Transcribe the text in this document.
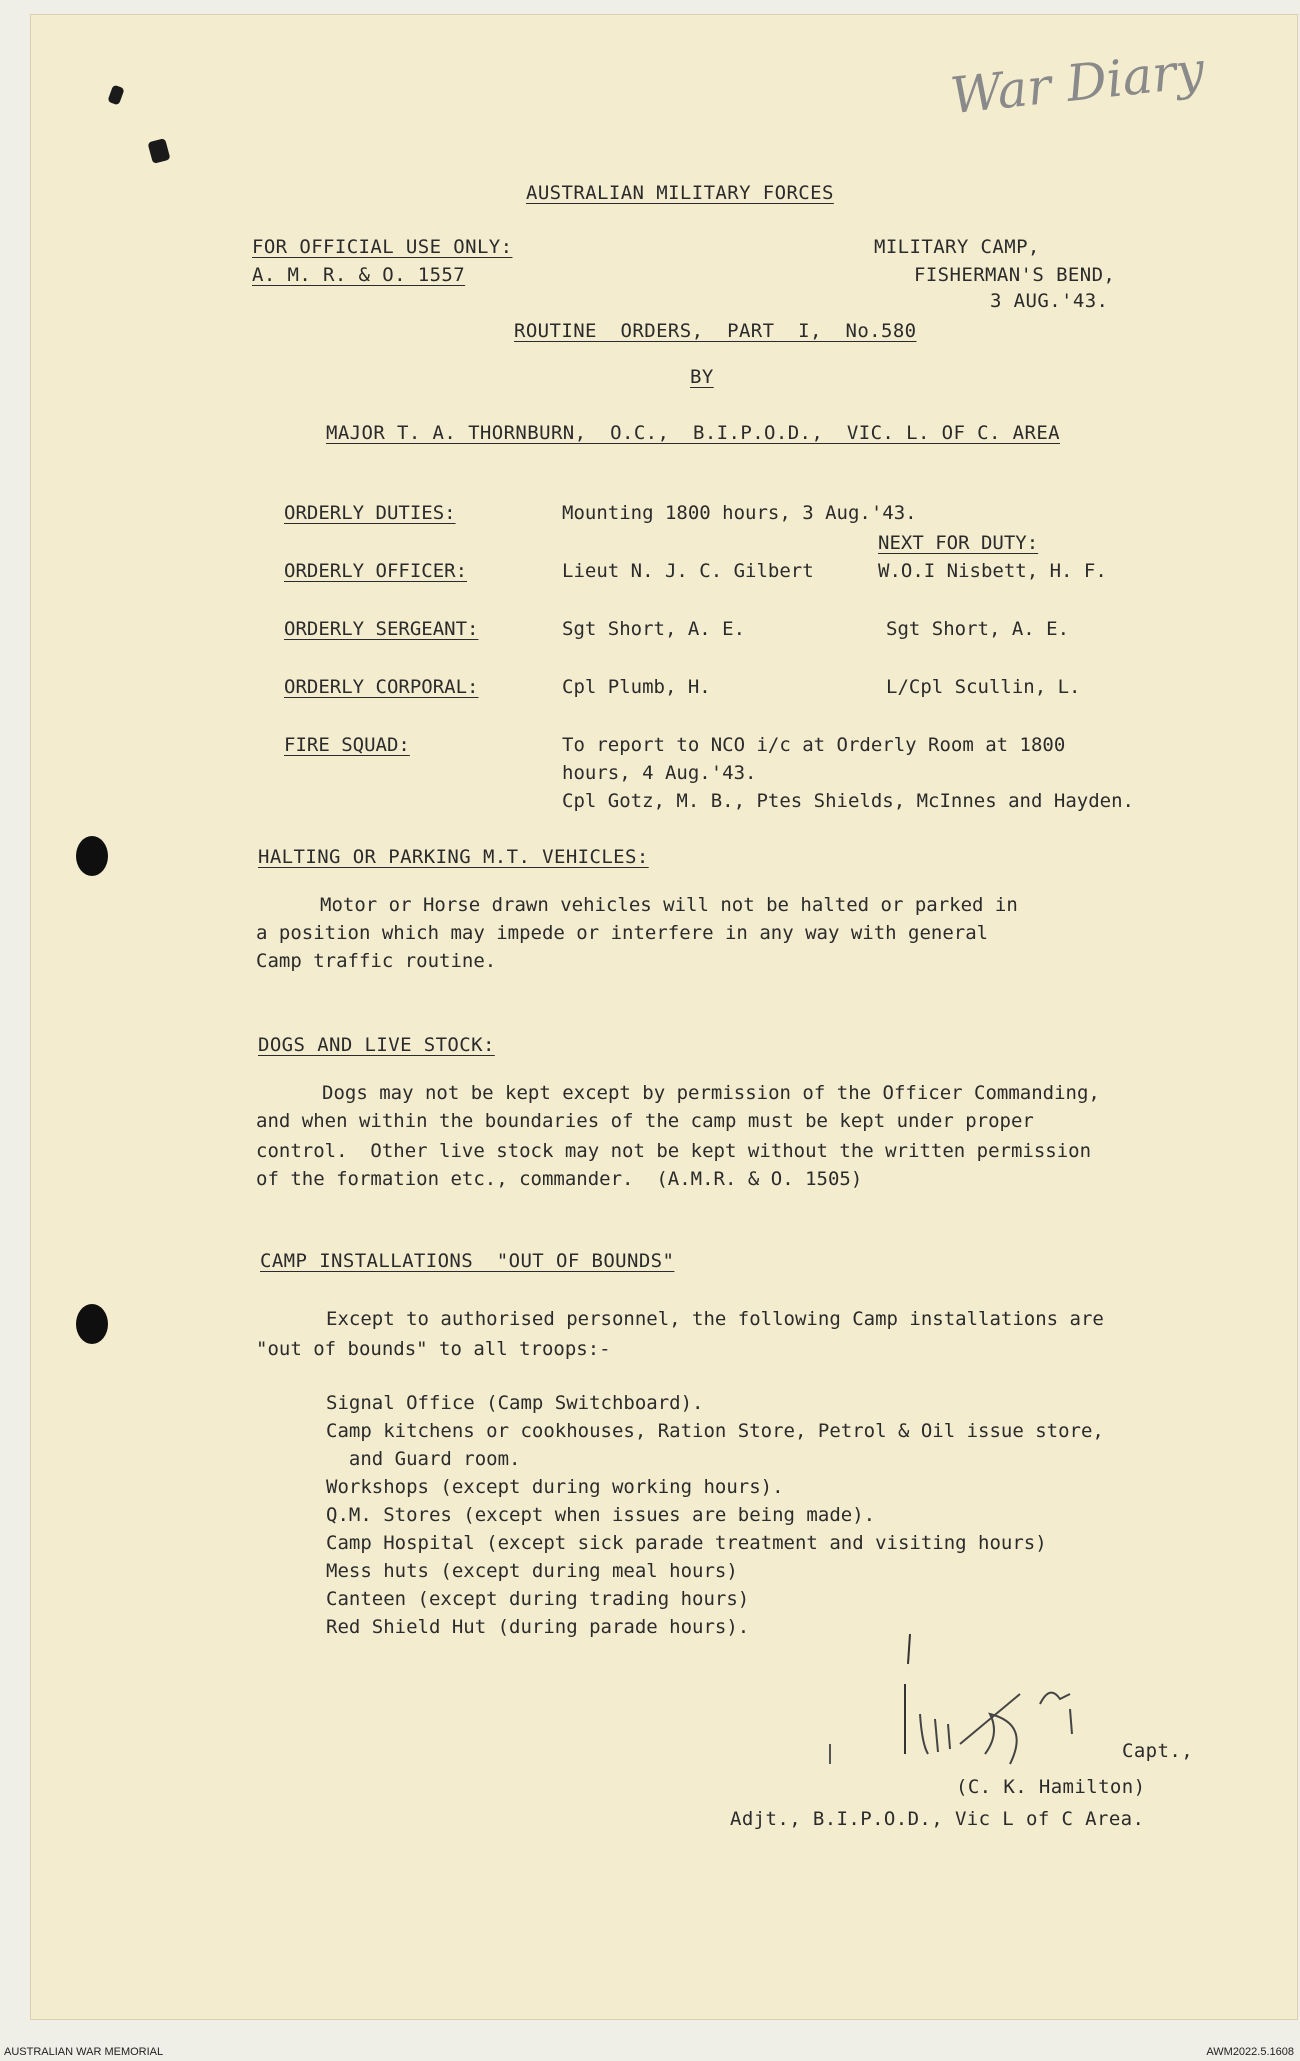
War Diary
AUSTRALIAN MILITARY FORCES
FOR OFFICIAL USE ONLY:
A. M. R. & O. 1557
MILITARY CAMP,
FISHERMAN'S BEND,
3 AUG.'43.
ROUTINE  ORDERS,  PART  I,  No.580
BY
MAJOR T. A. THORNBURN,  O.C.,  B.I.P.O.D.,  VIC. L. OF C. AREA
ORDERLY DUTIES:	Mounting 1800 hours, 3 Aug.'43.
NEXT FOR DUTY:
ORDERLY OFFICER:	Lieut N. J. C. Gilbert	W.O.I Nisbett, H. F.
ORDERLY SERGEANT:	Sgt Short, A. E.	Sgt Short, A. E.
ORDERLY CORPORAL:	Cpl Plumb, H.	L/Cpl Scullin, L.
FIRE SQUAD:	To report to NCO i/c at Orderly Room at 1800
hours, 4 Aug.'43.
Cpl Gotz, M. B., Ptes Shields, McInnes and Hayden.
HALTING OR PARKING M.T. VEHICLES:
Motor or Horse drawn vehicles will not be halted or parked in
a position which may impede or interfere in any way with general
Camp traffic routine.
DOGS AND LIVE STOCK:
Dogs may not be kept except by permission of the Officer Commanding,
and when within the boundaries of the camp must be kept under proper
control.  Other live stock may not be kept without the written permission
of the formation etc., commander.  (A.M.R. & O. 1505)
CAMP INSTALLATIONS  "OUT OF BOUNDS"
Except to authorised personnel, the following Camp installations are
"out of bounds" to all troops:-
Signal Office (Camp Switchboard).
Camp kitchens or cookhouses, Ration Store, Petrol & Oil issue store,
and Guard room.
Workshops (except during working hours).
Q.M. Stores (except when issues are being made).
Camp Hospital (except sick parade treatment and visiting hours)
Mess huts (except during meal hours)
Canteen (except during trading hours)
Red Shield Hut (during parade hours).
Capt.,
(C. K. Hamilton)
Adjt., B.I.P.O.D., Vic L of C Area.
AUSTRALIAN WAR MEMORIAL	AWM2022.5.1608
